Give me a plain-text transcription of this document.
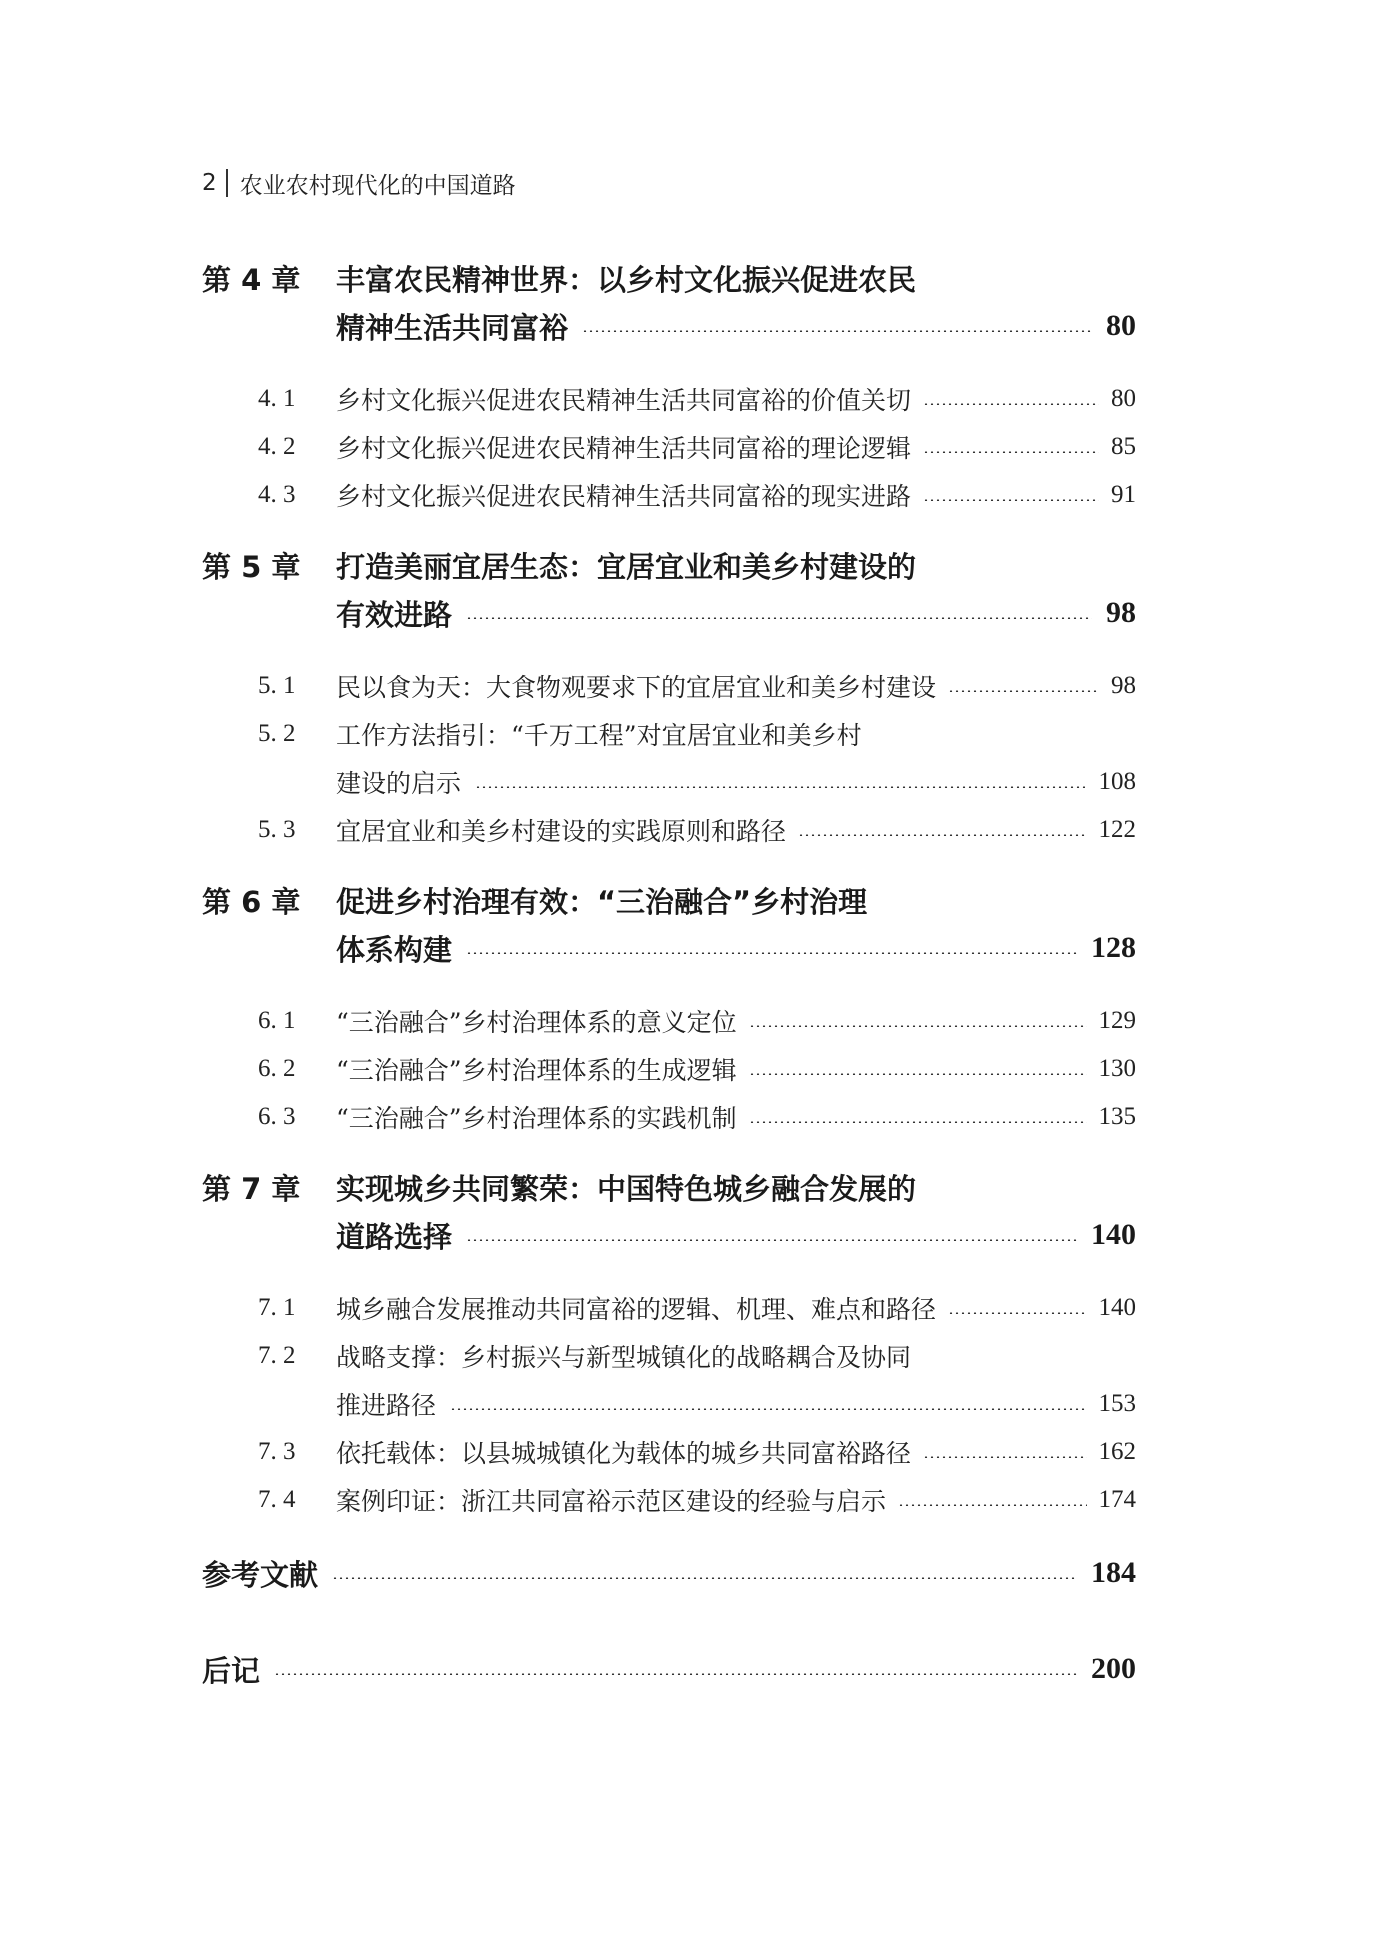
2 农业农村现代化的中国道路
第 4 章	丰富农民精神世界：以乡村文化振兴促进农民
精神生活共同富裕	80
4. 1	乡村文化振兴促进农民精神生活共同富裕的价值关切	80
4. 2	乡村文化振兴促进农民精神生活共同富裕的理论逻辑	85
4. 3	乡村文化振兴促进农民精神生活共同富裕的现实进路	91
第 5 章	打造美丽宜居生态：宜居宜业和美乡村建设的
有效进路	98
5. 1	民以食为天：大食物观要求下的宜居宜业和美乡村建设	98
5. 2	工作方法指引：“千万工程”对宜居宜业和美乡村
建设的启示	108
5. 3	宜居宜业和美乡村建设的实践原则和路径	122
第 6 章	促进乡村治理有效：“三治融合”乡村治理
体系构建	128
6. 1	“三治融合”乡村治理体系的意义定位	129
6. 2	“三治融合”乡村治理体系的生成逻辑	130
6. 3	“三治融合”乡村治理体系的实践机制	135
第 7 章	实现城乡共同繁荣：中国特色城乡融合发展的
道路选择	140
7. 1	城乡融合发展推动共同富裕的逻辑、机理、难点和路径	140
7. 2	战略支撑：乡村振兴与新型城镇化的战略耦合及协同
推进路径	153
7. 3	依托载体：以县城城镇化为载体的城乡共同富裕路径	162
7. 4	案例印证：浙江共同富裕示范区建设的经验与启示	174
参考文献	184
后记	200
